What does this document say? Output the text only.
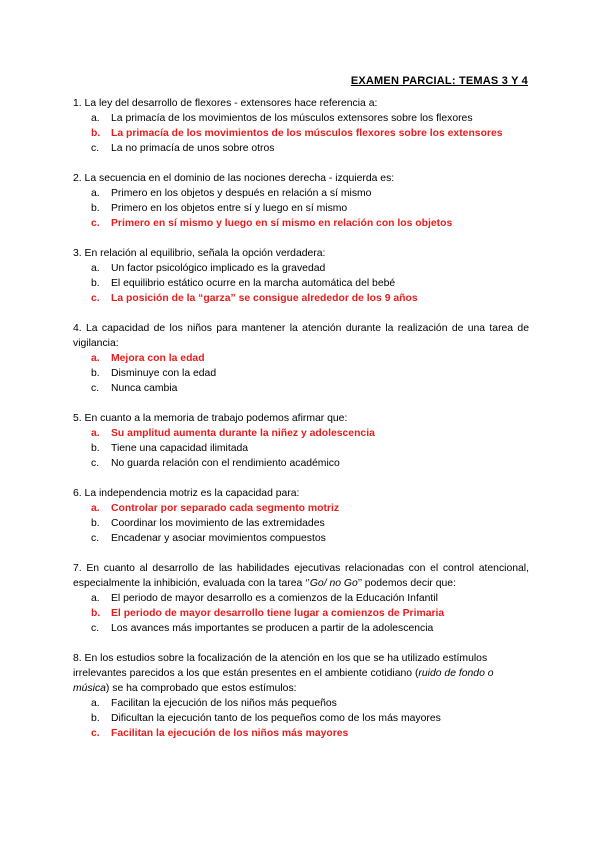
EXAMEN PARCIAL: TEMAS 3 Y 4
1. La ley del desarrollo de flexores - extensores hace referencia a:
a.	La primacía de los movimientos de los músculos extensores sobre los flexores
b.	La primacía de los movimientos de los músculos flexores sobre los extensores
c.	La no primacía de unos sobre otros
2. La secuencia en el dominio de las nociones derecha - izquierda es:
a.	Primero en los objetos y después en relación a sí mismo
b.	Primero en los objetos entre sí y luego en sí mismo
c.	Primero en sí mismo y luego en sí mismo en relación con los objetos
3. En relación al equilibrio, señala la opción verdadera:
a.	Un factor psicológico implicado es la gravedad
b.	El equilibrio estático ocurre en la marcha automática del bebé
c.	La posición de la “garza” se consigue alrededor de los 9 años
4. La capacidad de los niños para mantener la atención durante la realización de una tarea de vigilancia:
a.	Mejora con la edad
b.	Disminuye con la edad
c.	Nunca cambia
5. En cuanto a la memoria de trabajo podemos afirmar que:
a.	Su amplitud aumenta durante la niñez y adolescencia
b.	Tiene una capacidad ilimitada
c.	No guarda relación con el rendimiento académico
6. La independencia motriz es la capacidad para:
a.	Controlar por separado cada segmento motriz
b.	Coordinar los movimiento de las extremidades
c.	Encadenar y asociar movimientos compuestos
7. En cuanto al desarrollo de las habilidades ejecutivas relacionadas con el control atencional, especialmente la inhibición, evaluada con la tarea ‘’Go/ no Go’’ podemos decir que:
a.	El periodo de mayor desarrollo es a comienzos de la Educación Infantil
b.	El periodo de mayor desarrollo tiene lugar a comienzos de Primaria
c.	Los avances más importantes se producen a partir de la adolescencia
8. En los estudios sobre la focalización de la atención en los que se ha utilizado estímulos
irrelevantes parecidos a los que están presentes en el ambiente cotidiano (ruido de fondo o
música) se ha comprobado que estos estímulos:
a.	Facilitan la ejecución de los niños más pequeños
b.	Dificultan la ejecución tanto de los pequeños como de los más mayores
c.	Facilitan la ejecución de los niños más mayores
